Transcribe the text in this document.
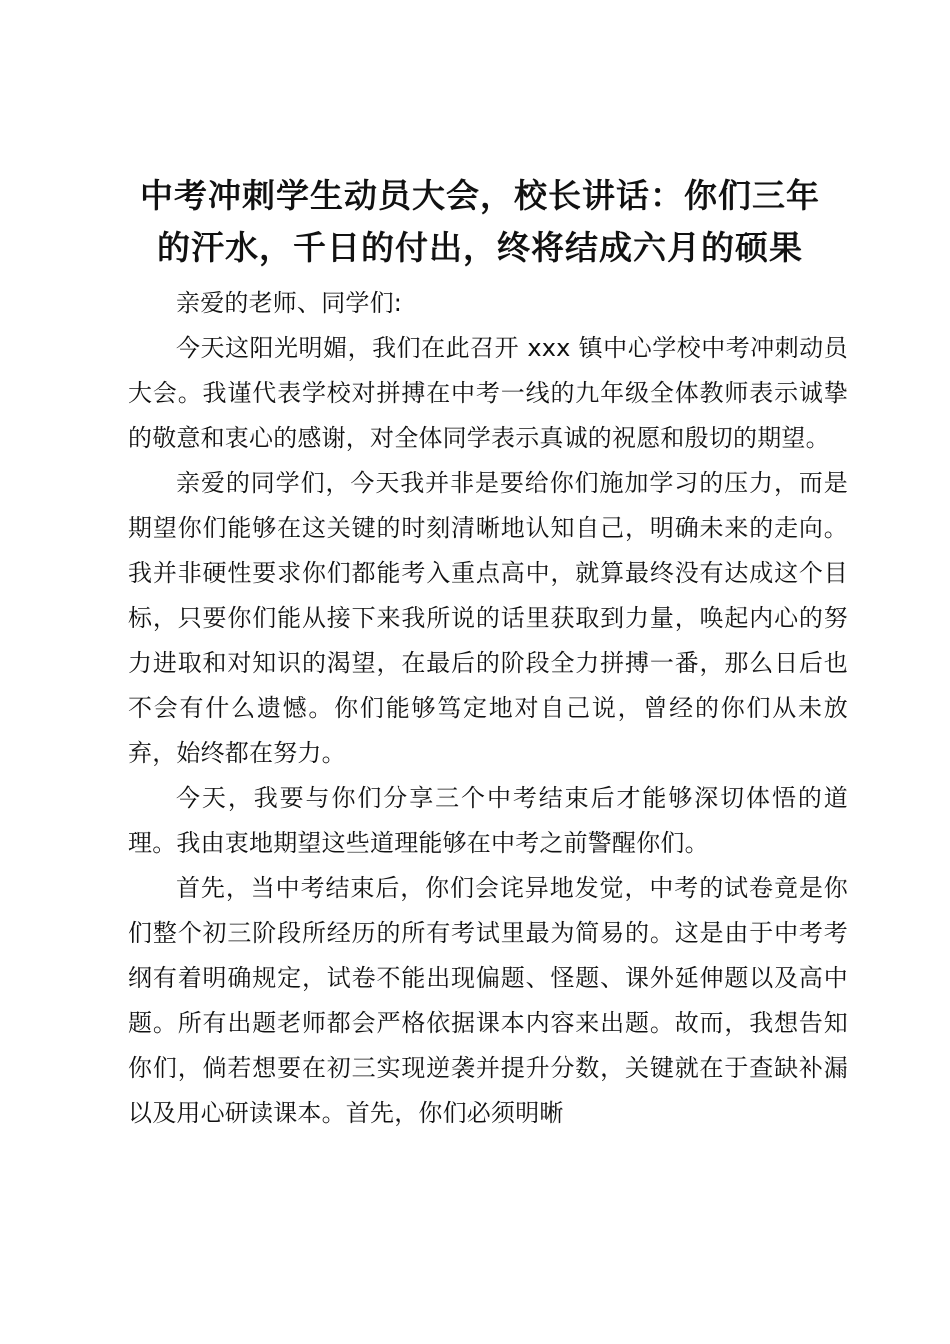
中考冲刺学生动员大会，校长讲话：你们三年
的汗水，千日的付出，终将结成六月的硕果

亲爱的老师、同学们:

今天这阳光明媚，我们在此召开 xxx 镇中心学校中考冲刺动员大会。我谨代表学校对拼搏在中考一线的九年级全体教师表示诚挚的敬意和衷心的感谢，对全体同学表示真诚的祝愿和殷切的期望。

亲爱的同学们，今天我并非是要给你们施加学习的压力，而是期望你们能够在这关键的时刻清晰地认知自己，明确未来的走向。我并非硬性要求你们都能考入重点高中，就算最终没有达成这个目标，只要你们能从接下来我所说的话里获取到力量，唤起内心的努力进取和对知识的渴望，在最后的阶段全力拼搏一番，那么日后也不会有什么遗憾。你们能够笃定地对自己说，曾经的你们从未放弃，始终都在努力。

今天，我要与你们分享三个中考结束后才能够深切体悟的道理。我由衷地期望这些道理能够在中考之前警醒你们。

首先，当中考结束后，你们会诧异地发觉，中考的试卷竟是你们整个初三阶段所经历的所有考试里最为简易的。这是由于中考考纲有着明确规定，试卷不能出现偏题、怪题、课外延伸题以及高中题。所有出题老师都会严格依据课本内容来出题。故而，我想告知你们，倘若想要在初三实现逆袭并提升分数，关键就在于查缺补漏以及用心研读课本。首先，你们必须明晰
